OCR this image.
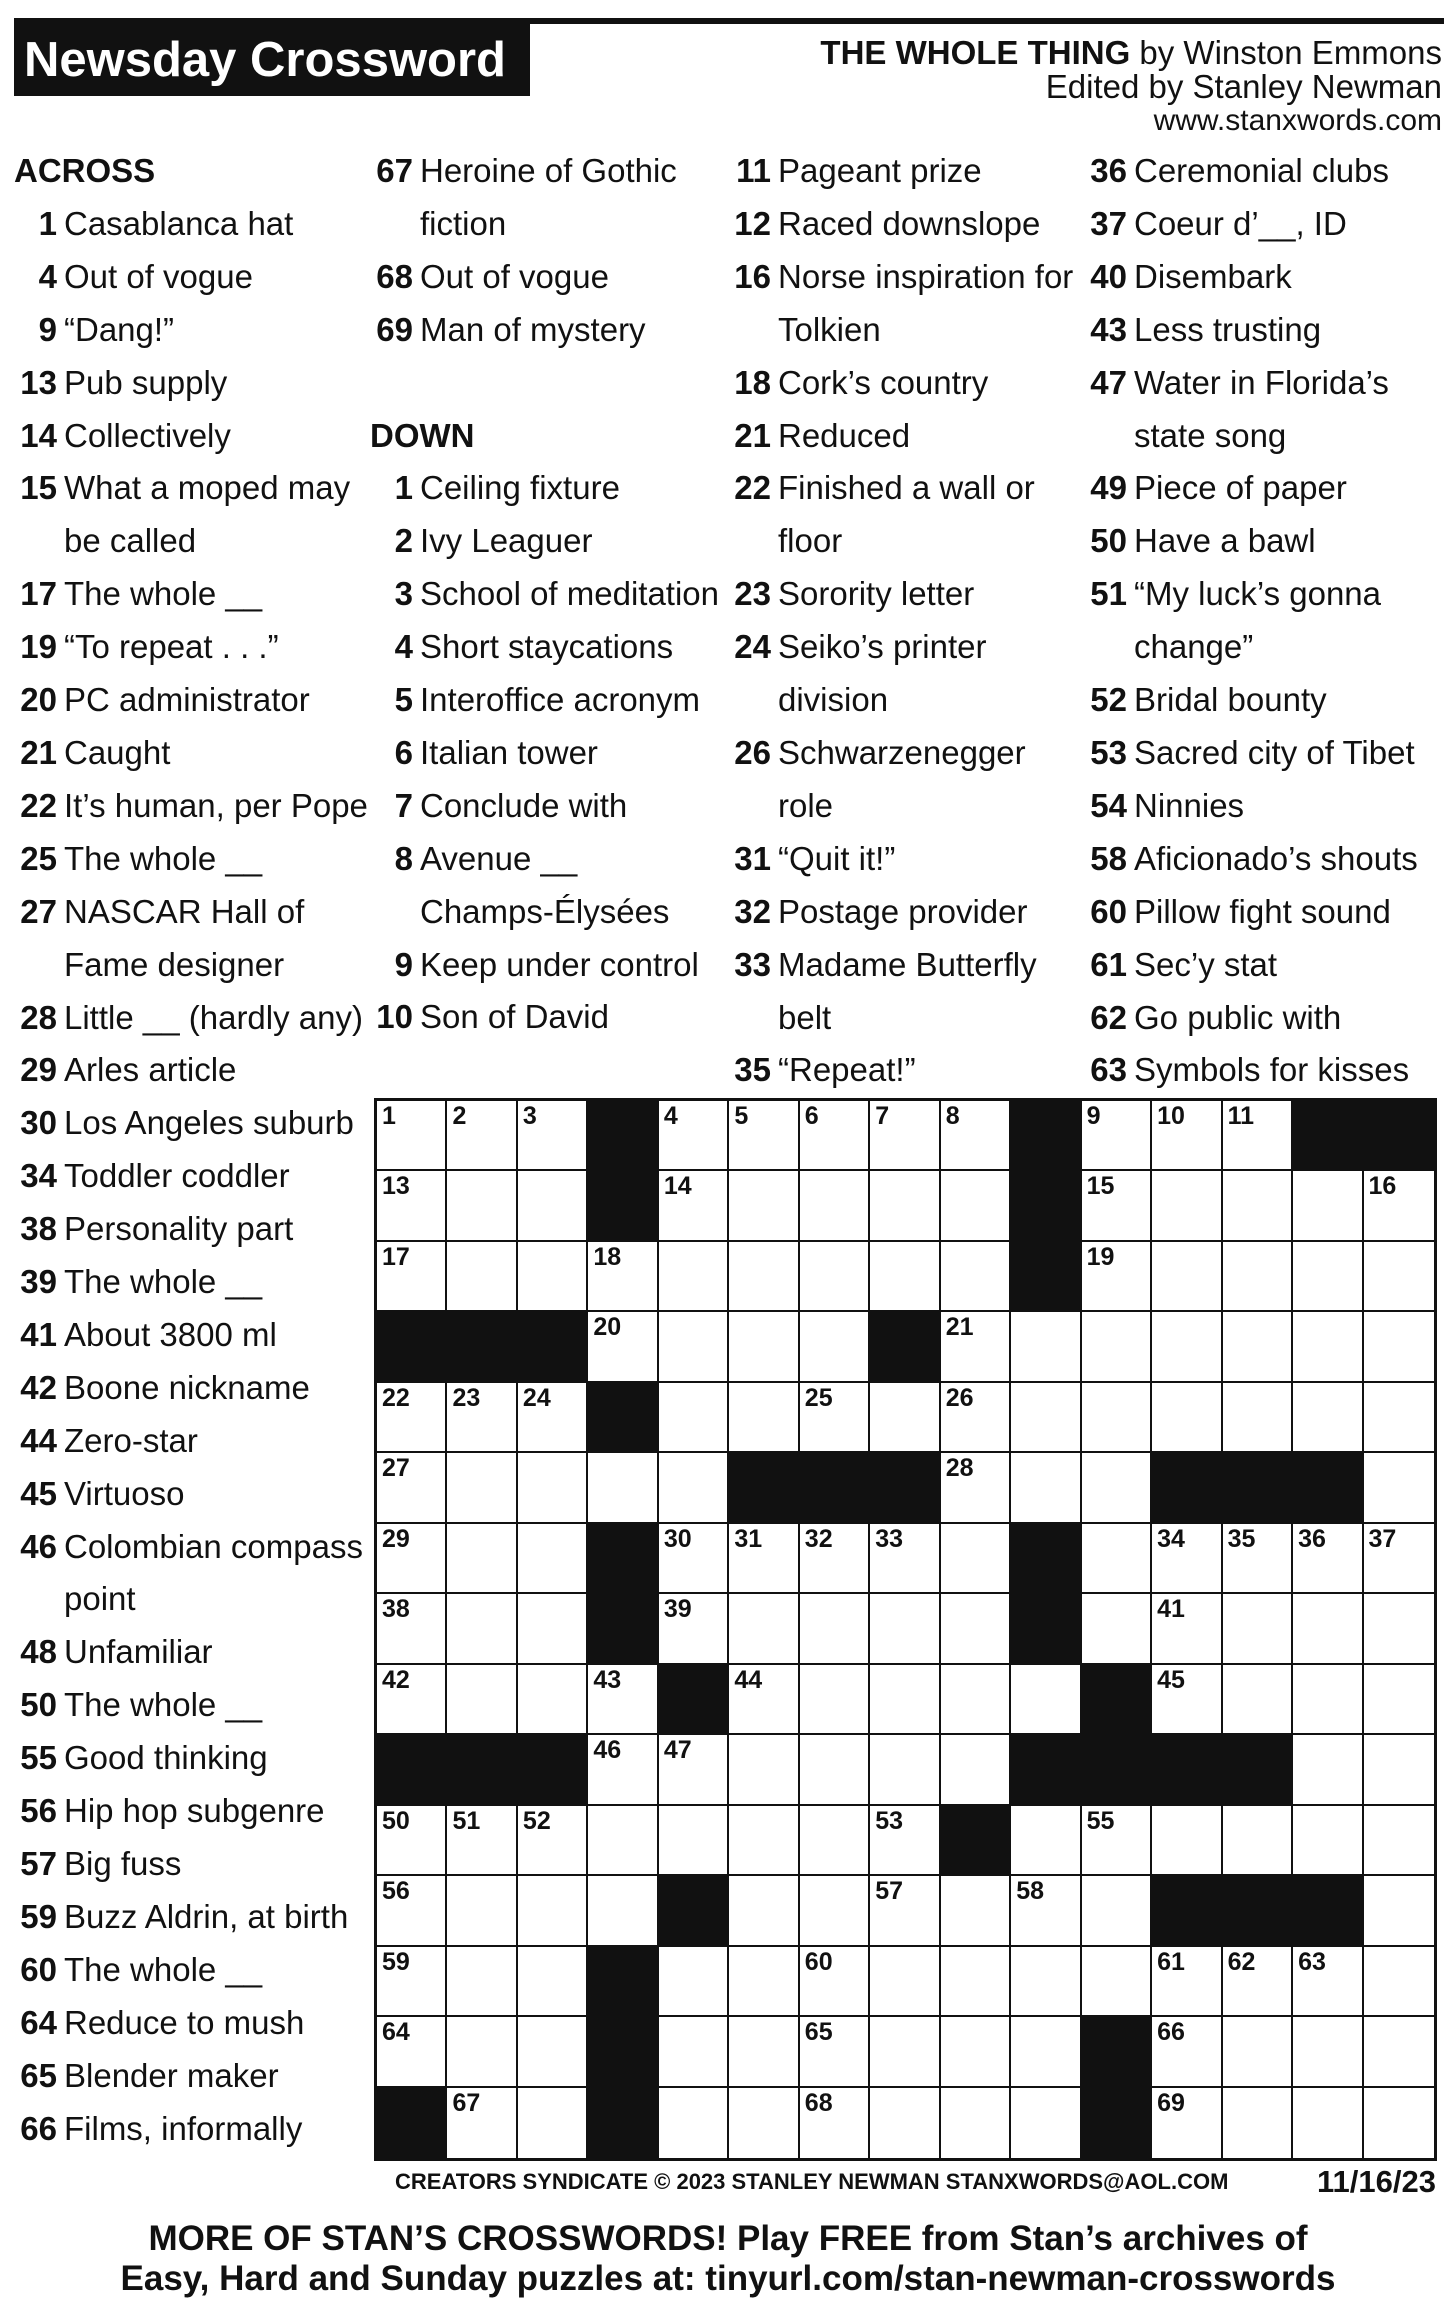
Newsday Crossword	THE WHOLE THING by Winston Emmons
Edited by Stanley Newman
www.stanxwords.com
ACROSS
1 Casablanca hat
4 Out of vogue
9 “Dang!”
13 Pub supply
14 Collectively
15 What a moped may be called
17 The whole __
19 “To repeat . . .”
20 PC administrator
21 Caught
22 It’s human, per Pope
25 The whole __
27 NASCAR Hall of Fame designer
28 Little __ (hardly any)
29 Arles article
30 Los Angeles suburb
34 Toddler coddler
38 Personality part
39 The whole __
41 About 3800 ml
42 Boone nickname
44 Zero-star
45 Virtuoso
46 Colombian compass point
48 Unfamiliar
50 The whole __
55 Good thinking
56 Hip hop subgenre
57 Big fuss
59 Buzz Aldrin, at birth
60 The whole __
64 Reduce to mush
65 Blender maker
66 Films, informally
67 Heroine of Gothic fiction
68 Out of vogue
69 Man of mystery
DOWN
1 Ceiling fixture
2 Ivy Leaguer
3 School of meditation
4 Short staycations
5 Interoffice acronym
6 Italian tower
7 Conclude with
8 Avenue __ Champs-Élysées
9 Keep under control
10 Son of David
11 Pageant prize
12 Raced downslope
16 Norse inspiration for Tolkien
18 Cork’s country
21 Reduced
22 Finished a wall or floor
23 Sorority letter
24 Seiko’s printer division
26 Schwarzenegger role
31 “Quit it!”
32 Postage provider
33 Madame Butterfly belt
35 “Repeat!”
36 Ceremonial clubs
37 Coeur d’__, ID
40 Disembark
43 Less trusting
47 Water in Florida’s state song
49 Piece of paper
50 Have a bawl
51 “My luck’s gonna change”
52 Bridal bounty
53 Sacred city of Tibet
54 Ninnies
58 Aficionado’s shouts
60 Pillow fight sound
61 Sec’y stat
62 Go public with
63 Symbols for kisses
1 2 3	4 5 6 7 8	9 10 11
13	14	15	16
17	18	19
20	21
22 23 24	25	26
27	28
29	30 31 32 33	34 35 36 37
38	39	41
42	43	44	45
46 47
50 51 52	53	55
56	57	58
59	60	61 62 63
64	65	66
67	68	69
CREATORS SYNDICATE © 2023 STANLEY NEWMAN STANXWORDS@AOL.COM	11/16/23
MORE OF STAN’S CROSSWORDS! Play FREE from Stan’s archives of
Easy, Hard and Sunday puzzles at: tinyurl.com/stan-newman-crosswords
